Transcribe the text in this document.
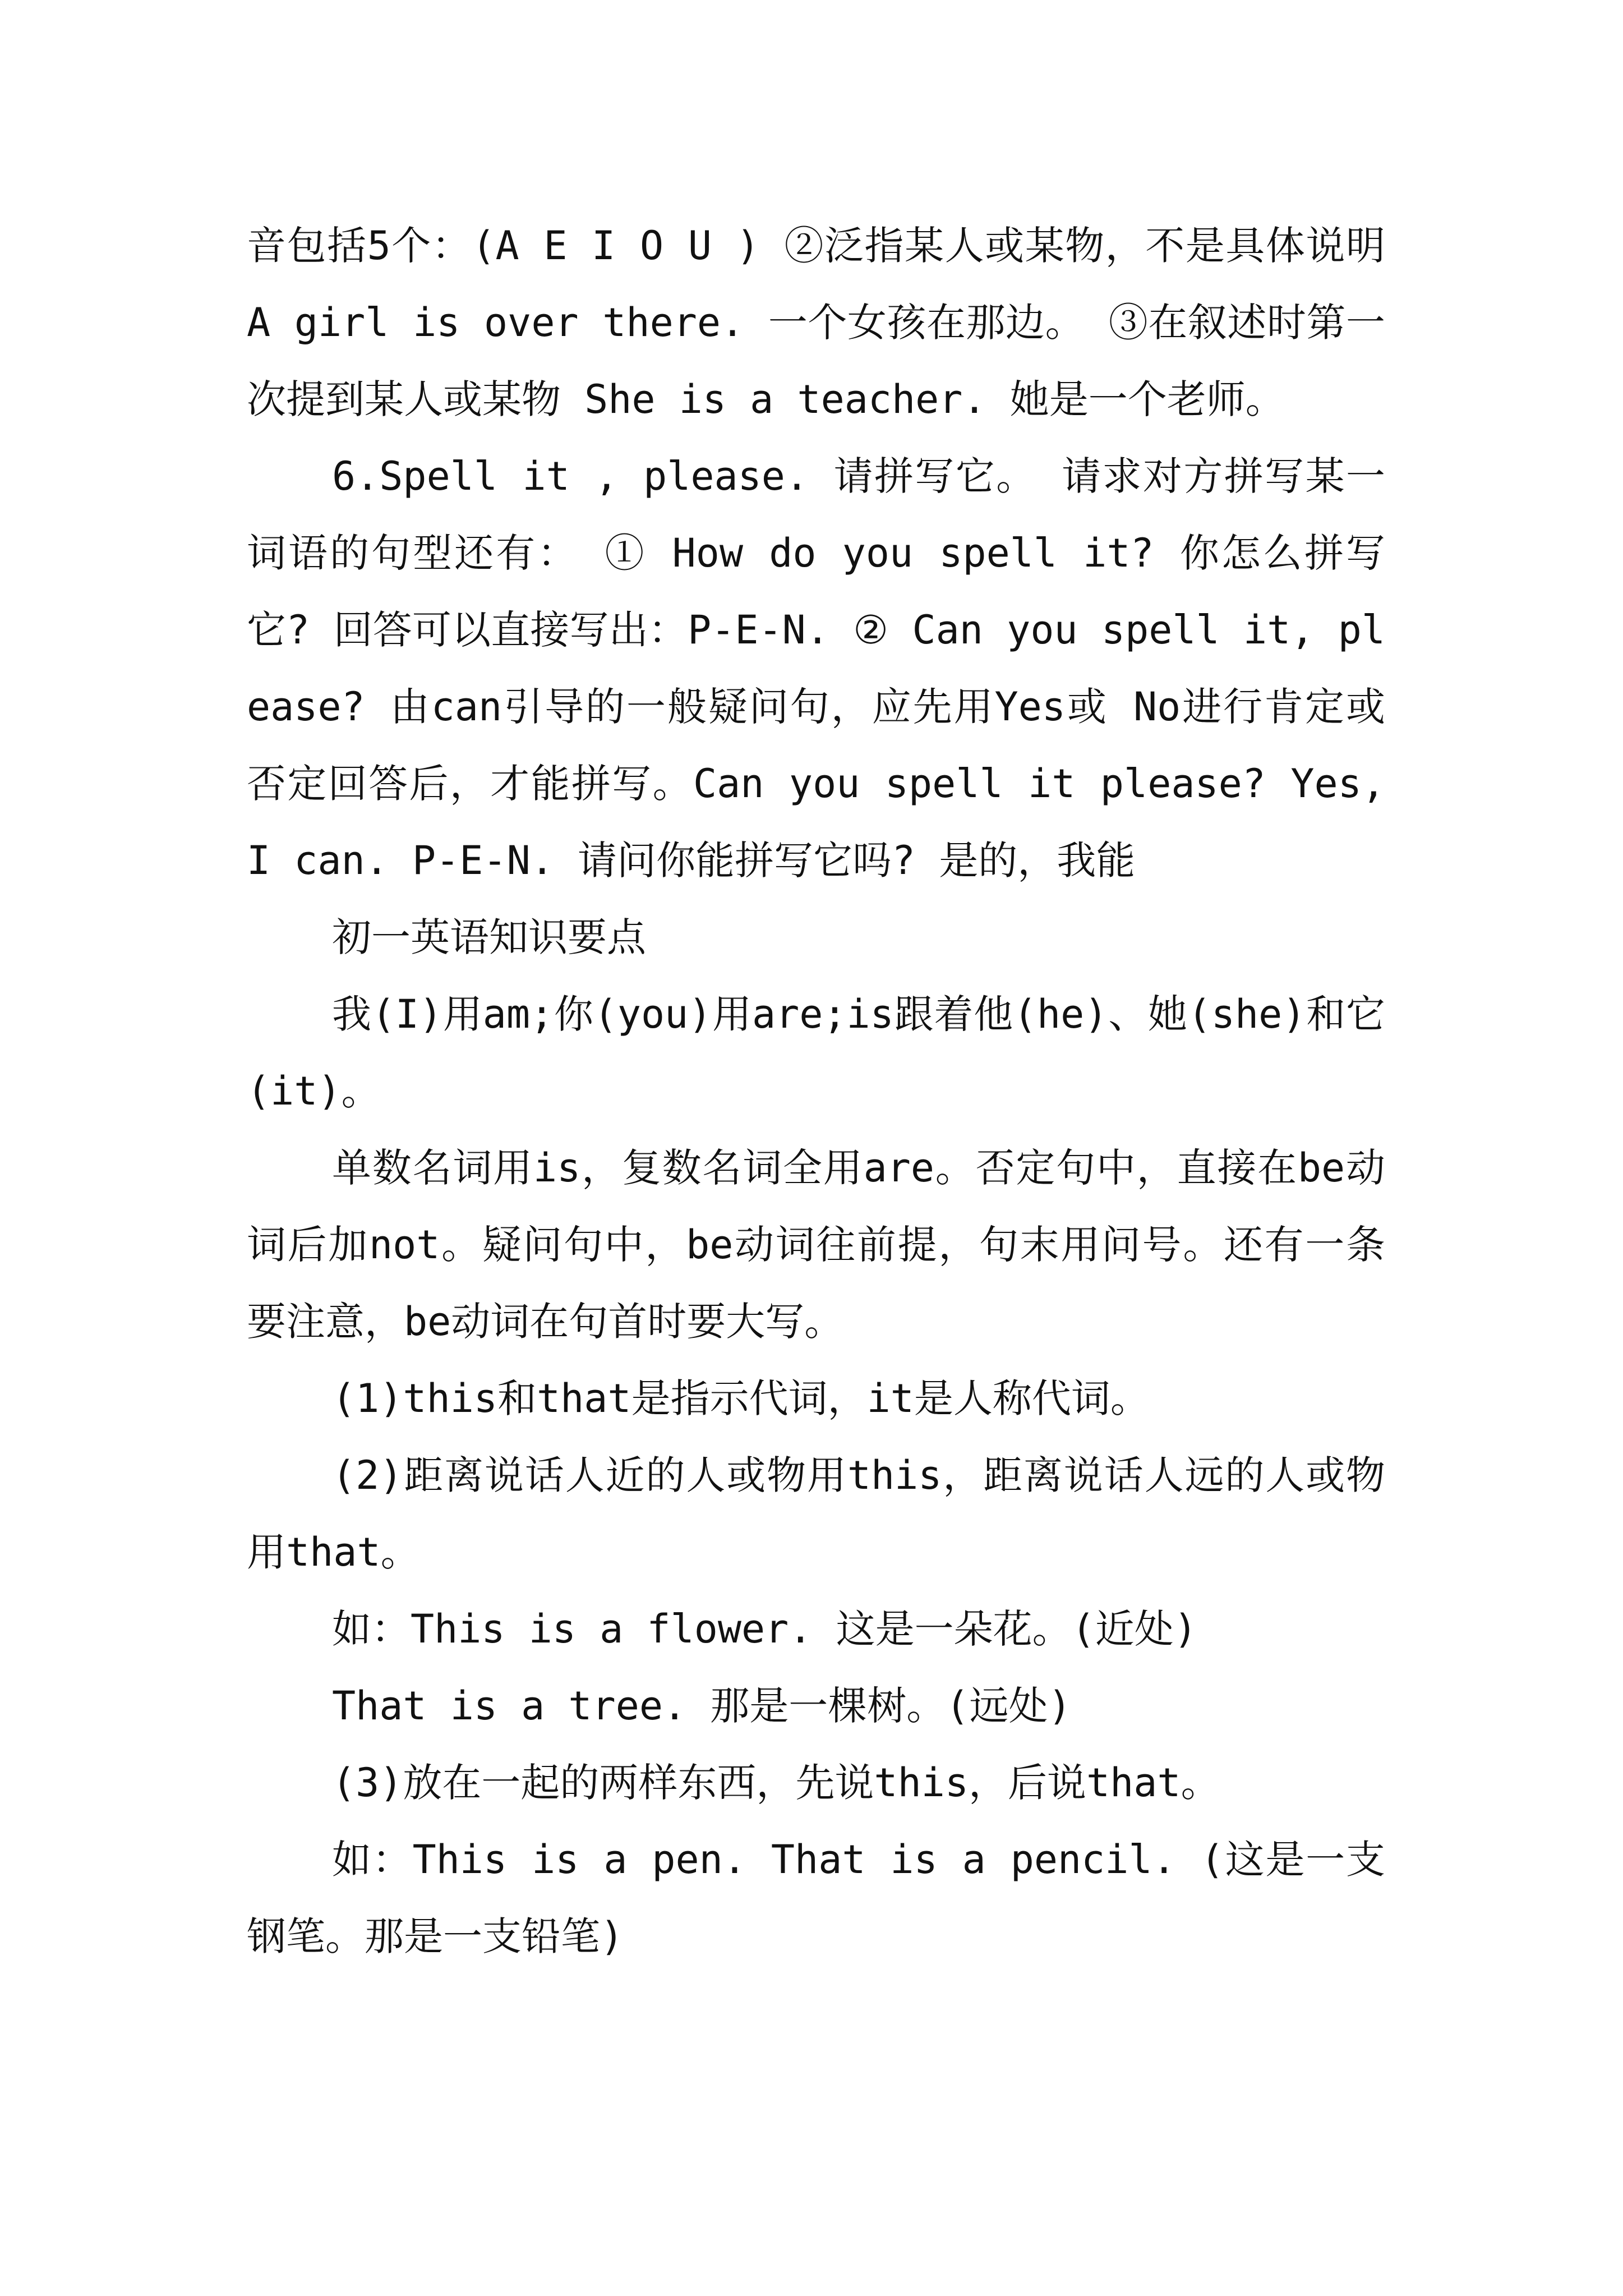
音包括5个：(A E I O U ) ②泛指某人或某物，不是具体说明 A girl is over there. 一个女孩在那边。 ③在叙述时第一次提到某人或某物 She is a teacher. 她是一个老师。

6.Spell it , please. 请拼写它。 请求对方拼写某一词语的句型还有： ① How do you spell it? 你怎么拼写它? 回答可以直接写出：P-E-N. ② Can you spell it, please? 由can引导的一般疑问句，应先用Yes或 No进行肯定或否定回答后，才能拼写。Can you spell it please? Yes, I can. P-E-N. 请问你能拼写它吗? 是的，我能

初一英语知识要点

我(I)用am;你(you)用are;is跟着他(he)、她(she)和它(it)。

单数名词用is，复数名词全用are。否定句中，直接在be动词后加not。疑问句中，be动词往前提，句末用问号。还有一条要注意，be动词在句首时要大写。

(1)this和that是指示代词，it是人称代词。

(2)距离说话人近的人或物用this，距离说话人远的人或物用that。

如：This is a flower. 这是一朵花。(近处)

That is a tree. 那是一棵树。(远处)

(3)放在一起的两样东西，先说this，后说that。

如：This is a pen. That is a pencil. (这是一支钢笔。那是一支铅笔)
